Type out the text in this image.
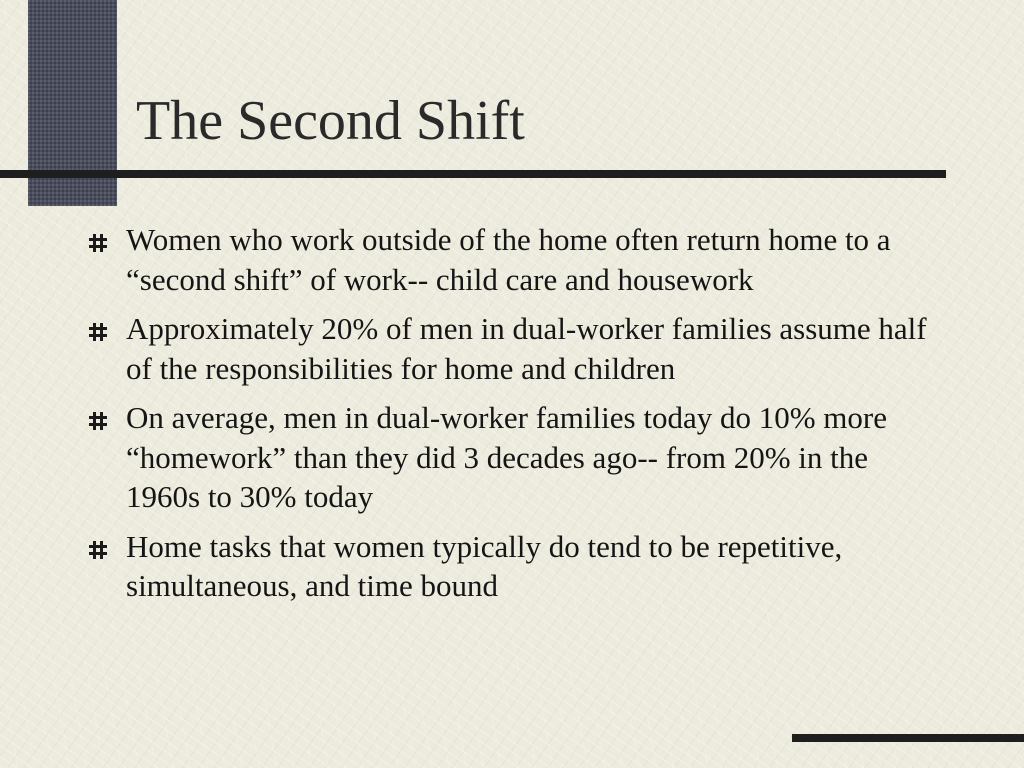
The Second Shift
Women who work outside of the home often return home to a “second shift” of work-- child care and housework
Approximately 20% of men in dual-worker families assume half of the responsibilities for home and children
On average, men in dual-worker families today do 10% more “homework” than they did 3 decades ago-- from 20% in the 1960s to 30% today
Home tasks that women typically do tend to be repetitive, simultaneous, and time bound
